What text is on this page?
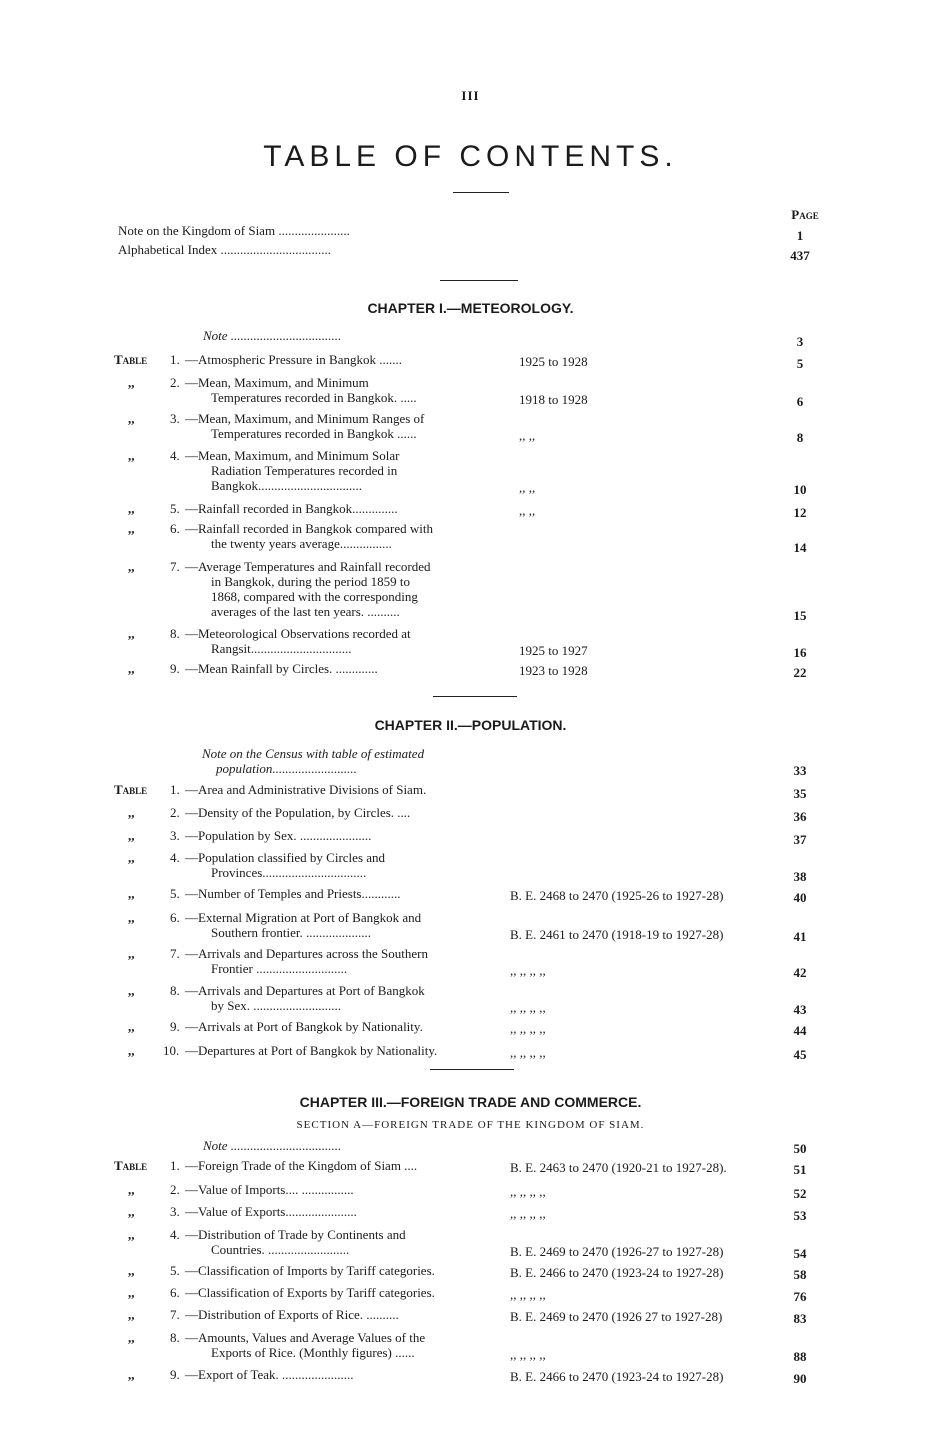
III
TABLE OF CONTENTS.
Page
Note on the Kingdom of Siam ......................	1
Alphabetical Index ..................................	437
CHAPTER I.—METEOROLOGY.
Note ..................................	3
Table 1. —Atmospheric Pressure in Bangkok .......	1925 to 1928	5
,,	2. —Mean, Maximum, and Minimum
Temperatures recorded in Bangkok. .....	1918 to 1928	6
,,	3. —Mean, Maximum, and Minimum Ranges of
Temperatures recorded in Bangkok ......	,, ,,	8
,,	4. —Mean, Maximum, and Minimum Solar
Radiation Temperatures recorded in
Bangkok................................	,, ,,	10
,,	5. —Rainfall recorded in Bangkok..............	,, ,,	12
,,	6. —Rainfall recorded in Bangkok compared with
the twenty years average................	14
,,	7. —Average Temperatures and Rainfall recorded
in Bangkok, during the period 1859 to
1868, compared with the corresponding
averages of the last ten years. ..........	15
,,	8. —Meteorological Observations recorded at
Rangsit...............................	1925 to 1927	16
,,	9. —Mean Rainfall by Circles. .............	1923 to 1928	22
CHAPTER II.—POPULATION.
Note on the Census with table of estimated
population..........................	33
Table 1. —Area and Administrative Divisions of Siam.	35
,,	2. —Density of the Population, by Circles. ....	36
,,	3. —Population by Sex. ......................	37
,,	4. —Population classified by Circles and
Provinces................................	38
,,	5. —Number of Temples and Priests............	B. E. 2468 to 2470 (1925-26 to 1927-28)	40
,,	6. —External Migration at Port of Bangkok and
Southern frontier. ....................	B. E. 2461 to 2470 (1918-19 to 1927-28)	41
,,	7. —Arrivals and Departures across the Southern
Frontier ............................	,, ,, ,, ,,	42
,,	8. —Arrivals and Departures at Port of Bangkok
by Sex. ...........................	,, ,, ,, ,,	43
,,	9. —Arrivals at Port of Bangkok by Nationality.	,, ,, ,, ,,	44
,, 10. —Departures at Port of Bangkok by Nationality.	,, ,, ,, ,,	45
CHAPTER III.—FOREIGN TRADE AND COMMERCE.
SECTION A—FOREIGN TRADE OF THE KINGDOM OF SIAM.
Note ..................................	50
Table 1. —Foreign Trade of the Kingdom of Siam ....	B. E. 2463 to 2470 (1920-21 to 1927-28).	51
,,	2. —Value of Imports.... ................	,, ,, ,, ,,	52
,,	3. —Value of Exports......................	,, ,, ,, ,,	53
,,	4. —Distribution of Trade by Continents and
Countries. .........................	B. E. 2469 to 2470 (1926-27 to 1927-28)	54
,,	5. —Classification of Imports by Tariff categories.	B. E. 2466 to 2470 (1923-24 to 1927-28)	58
,,	6. —Classification of Exports by Tariff categories.	,, ,, ,, ,,	76
,,	7. —Distribution of Exports of Rice. ..........	B. E. 2469 to 2470 (1926 27 to 1927-28)	83
,,	8. —Amounts, Values and Average Values of the
Exports of Rice. (Monthly figures) ......	,, ,, ,, ,,	88
,,	9. —Export of Teak. ......................	B. E. 2466 to 2470 (1923-24 to 1927-28)	90
